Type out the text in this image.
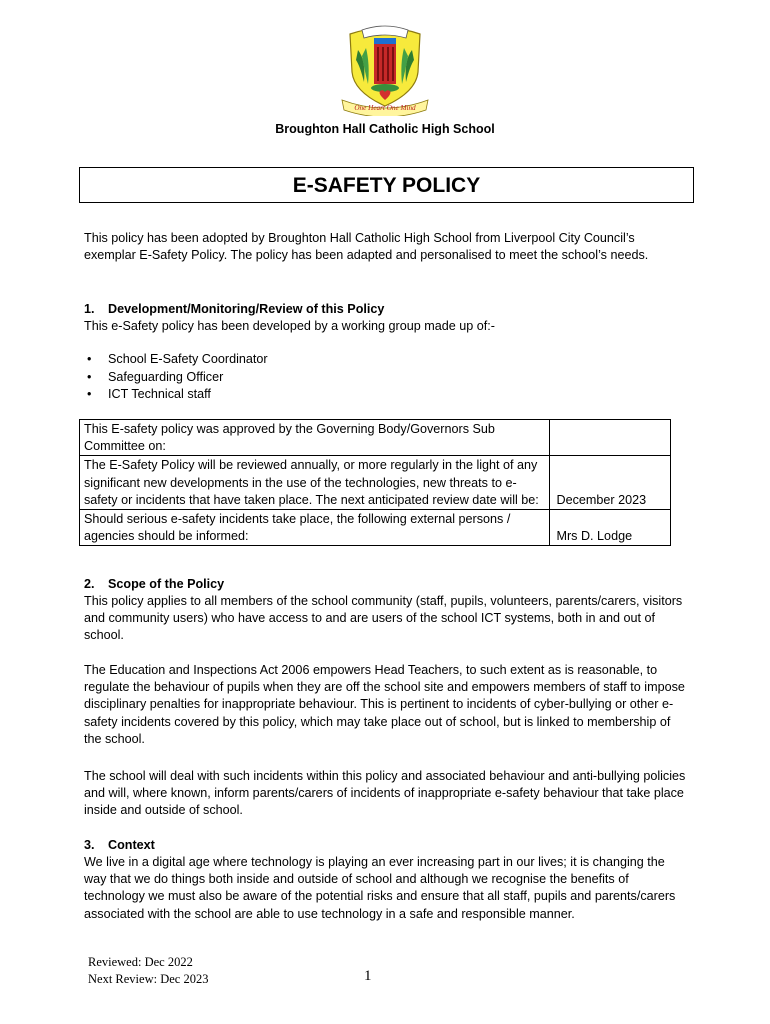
One Heart One Mind
Broughton Hall Catholic High School
E-SAFETY POLICY

This policy has been adopted by Broughton Hall Catholic High School from Liverpool City Council’s exemplar E-Safety Policy. The policy has been adapted and personalised to meet the school’s needs.

1. Development/Monitoring/Review of this Policy

This e-Safety policy has been developed by a working group made up of:-

• School E-Safety Coordinator
• Safeguarding Officer
• ICT Technical staff
This E-safety policy was approved by the Governing Body/Governors Sub Committee on:	
The E-Safety Policy will be reviewed annually, or more regularly in the light of any significant new developments in the use of the technologies, new threats to e-safety or incidents that have taken place. The next anticipated review date will be:	December 2023
Should serious e-safety incidents take place, the following external persons / agencies should be informed:	Mrs D. Lodge
2. Scope of the Policy

This policy applies to all members of the school community (staff, pupils, volunteers, parents/carers, visitors and community users) who have access to and are users of the school ICT systems, both in and out of school.

The Education and Inspections Act 2006 empowers Head Teachers, to such extent as is reasonable, to regulate the behaviour of pupils when they are off the school site and empowers members of staff to impose disciplinary penalties for inappropriate behaviour. This is pertinent to incidents of cyber-bullying or other e-safety incidents covered by this policy, which may take place out of school, but is linked to membership of the school.

The school will deal with such incidents within this policy and associated behaviour and anti-bullying policies and will, where known, inform parents/carers of incidents of inappropriate e-safety behaviour that take place inside and outside of school.

3. Context

We live in a digital age where technology is playing an ever increasing part in our lives; it is changing the way that we do things both inside and outside of school and although we recognise the benefits of technology we must also be aware of the potential risks and ensure that all staff, pupils and parents/carers associated with the school are able to use technology in a safe and responsible manner.

Reviewed: Dec 2022
Next Review: Dec 2023	1
